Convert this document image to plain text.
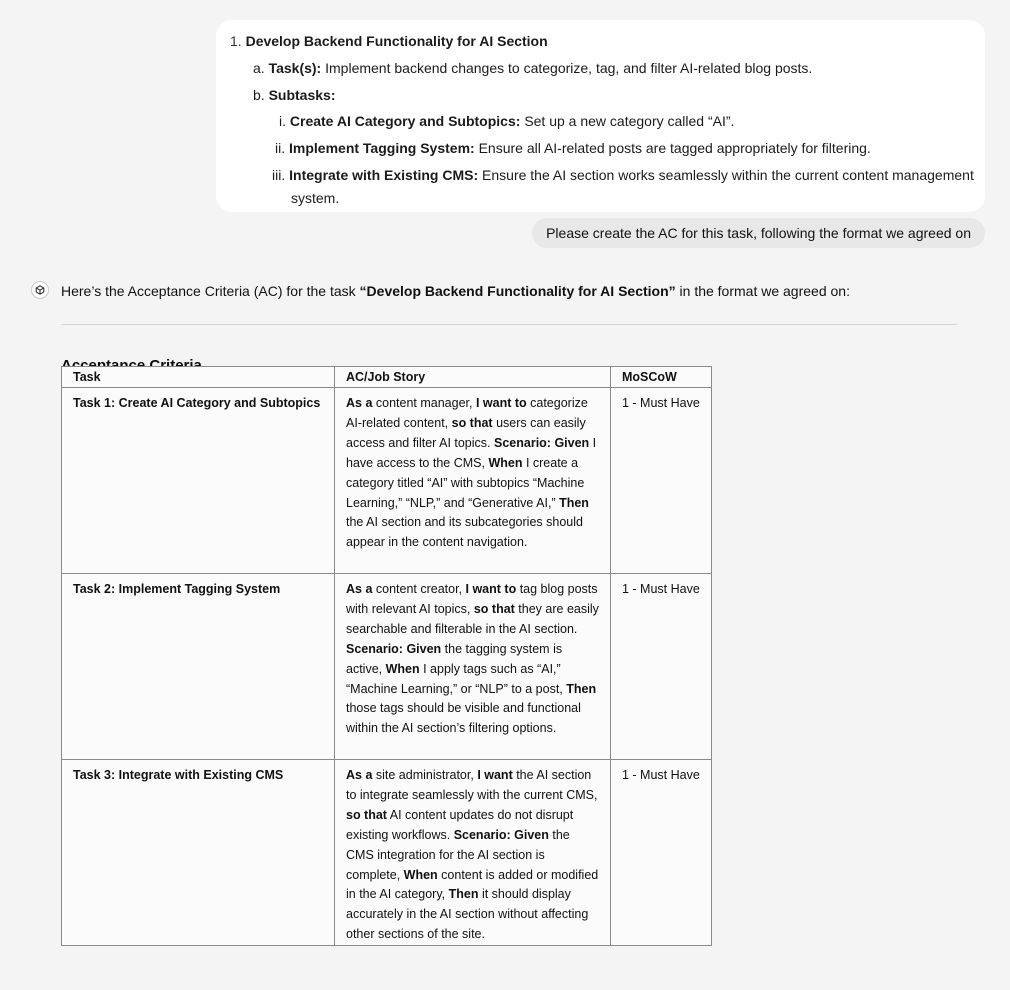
1. Develop Backend Functionality for AI Section
a. Task(s): Implement backend changes to categorize, tag, and filter AI-related blog posts.
b. Subtasks:
i. Create AI Category and Subtopics: Set up a new category called “AI”.
ii. Implement Tagging System: Ensure all AI-related posts are tagged appropriately for filtering.
iii. Integrate with Existing CMS: Ensure the AI section works seamlessly within the current content management
system.
Please create the AC for this task, following the format we agreed on
Here’s the Acceptance Criteria (AC) for the task “Develop Backend Functionality for AI Section” in the format we agreed on:
Task	AC/Job Story	MoSCoW
Task 1: Create AI Category and Subtopics	As a content manager, I want to categorize AI-related content, so that users can easily access and filter AI topics. Scenario: Given I have access to the CMS, When I create a category titled “AI” with subtopics “Machine Learning,” “NLP,” and “Generative AI,” Then the AI section and its subcategories should appear in the content navigation.	1 - Must Have
Task 2: Implement Tagging System	As a content creator, I want to tag blog posts with relevant AI topics, so that they are easily searchable and filterable in the AI section. Scenario: Given the tagging system is active, When I apply tags such as “AI,” “Machine Learning,” or “NLP” to a post, Then those tags should be visible and functional within the AI section’s filtering options.	1 - Must Have
Task 3: Integrate with Existing CMS	As a site administrator, I want the AI section to integrate seamlessly with the current CMS, so that AI content updates do not disrupt existing workflows. Scenario: Given the CMS integration for the AI section is complete, When content is added or modified in the AI category, Then it should display accurately in the AI section without affecting other sections of the site.	1 - Must Have
